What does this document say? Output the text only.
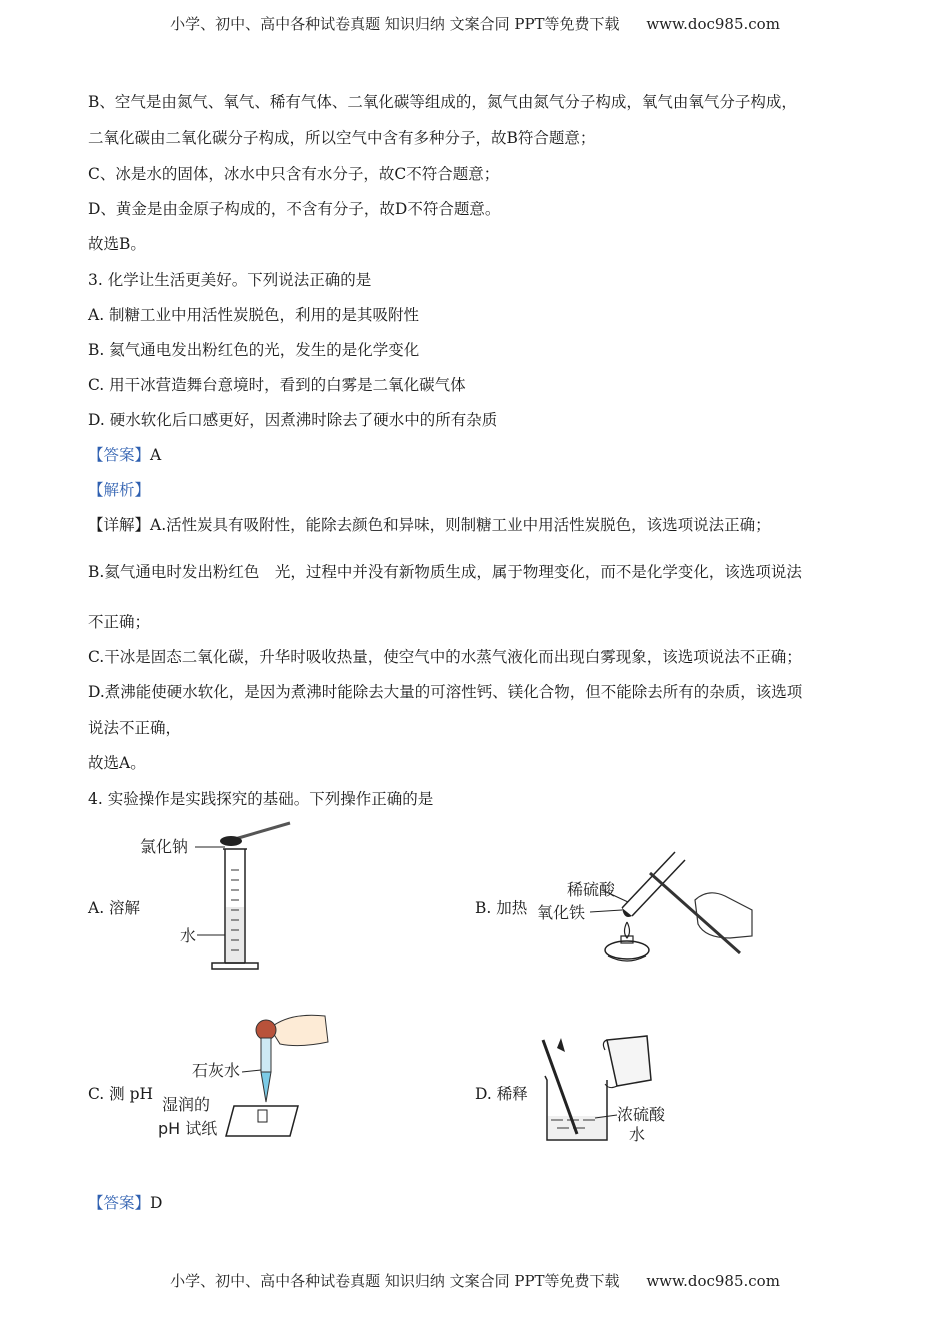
小学、初中、高中各种试卷真题 知识归纳 文案合同 PPT等免费下载 www.doc985.com
B、空气是由氮气、氧气、稀有气体、二氧化碳等组成的，氮气由氮气分子构成，氧气由氧气分子构成，
二氧化碳由二氧化碳分子构成，所以空气中含有多种分子，故B符合题意；
C、冰是水的固体，冰水中只含有水分子，故C不符合题意；
D、黄金是由金原子构成的，不含有分子，故D不符合题意。
故选B。
3. 化学让生活更美好。下列说法正确的是
A. 制糖工业中用活性炭脱色，利用的是其吸附性
B. 氦气通电发出粉红色的光，发生的是化学变化
C. 用干冰营造舞台意境时，看到的白雾是二氧化碳气体
D. 硬水软化后口感更好，因煮沸时除去了硬水中的所有杂质
【答案】A
【解析】
【详解】A.活性炭具有吸附性，能除去颜色和异味，则制糖工业中用活性炭脱色，该选项说法正确；
B.氦气通电时发出粉红色　光，过程中并没有新物质生成，属于物理变化，而不是化学变化，该选项说法
不正确；
C.干冰是固态二氧化碳，升华时吸收热量，使空气中的水蒸气液化而出现白雾现象，该选项说法不正确；
D.煮沸能使硬水软化，是因为煮沸时能除去大量的可溶性钙、镁化合物，但不能除去所有的杂质，该选项
说法不正确，
故选A。
4. 实验操作是实践探究的基础。下列操作正确的是
A. 溶解
氯化钠
水
B. 加热
稀硫酸
氧化铁
C. 测 pH
石灰水
湿润的
pH 试纸
D. 稀释
浓硫酸
水
【答案】D
小学、初中、高中各种试卷真题 知识归纳 文案合同 PPT等免费下载 www.doc985.com
